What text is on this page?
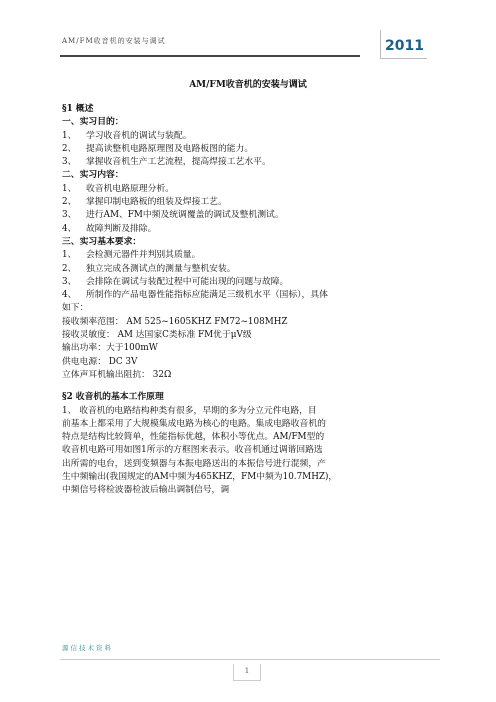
AM/FM收音机的安装与调试	2011
AM/FM收音机的安装与调试

§1 概述

一、实习目的：

1、 学习收音机的调试与装配。

2、 提高读整机电路原理图及电路板图的能力。

3、 掌握收音机生产工艺流程，提高焊接工艺水平。

二、实习内容：

1、 收音机电路原理分析。

2、 掌握印制电路板的组装及焊接工艺。

3、 进行AM、FM中频及统调覆盖的调试及整机测试。

4、 故障判断及排除。

三、实习基本要求：

1、 会检测元器件并判别其质量。

2、 独立完成各测试点的测量与整机安装。

3、 会排除在调试与装配过程中可能出现的问题与故障。

4、 所制作的产品电器性能指标应能满足三级机水平（国标），具体

如下：

接收频率范围： AM 525~1605KHZ FM72~108MHZ

接收灵敏度： AM 达国家C类标准 FM优于μV级

输出功率：大于100mW

供电电源： DC 3V

立体声耳机输出阻抗： 32Ω

§2 收音机的基本工作原理

1、 收音机的电路结构种类有很多，早期的多为分立元件电路，目

前基本上都采用了大规模集成电路为核心的电路。集成电路收音机的

特点是结构比较简单，性能指标优越，体积小等优点。AM/FM型的

收音机电路可用如图1所示的方框图来表示。收音机通过调谐回路选

出所需的电台，送到变频器与本振电路送出的本振信号进行混频，产

生中频输出(我国规定的AM中频为465KHZ，FM中频为10.7MHZ)，

中频信号将检波器检波后输出调制信号，调

源信技术资料
1
